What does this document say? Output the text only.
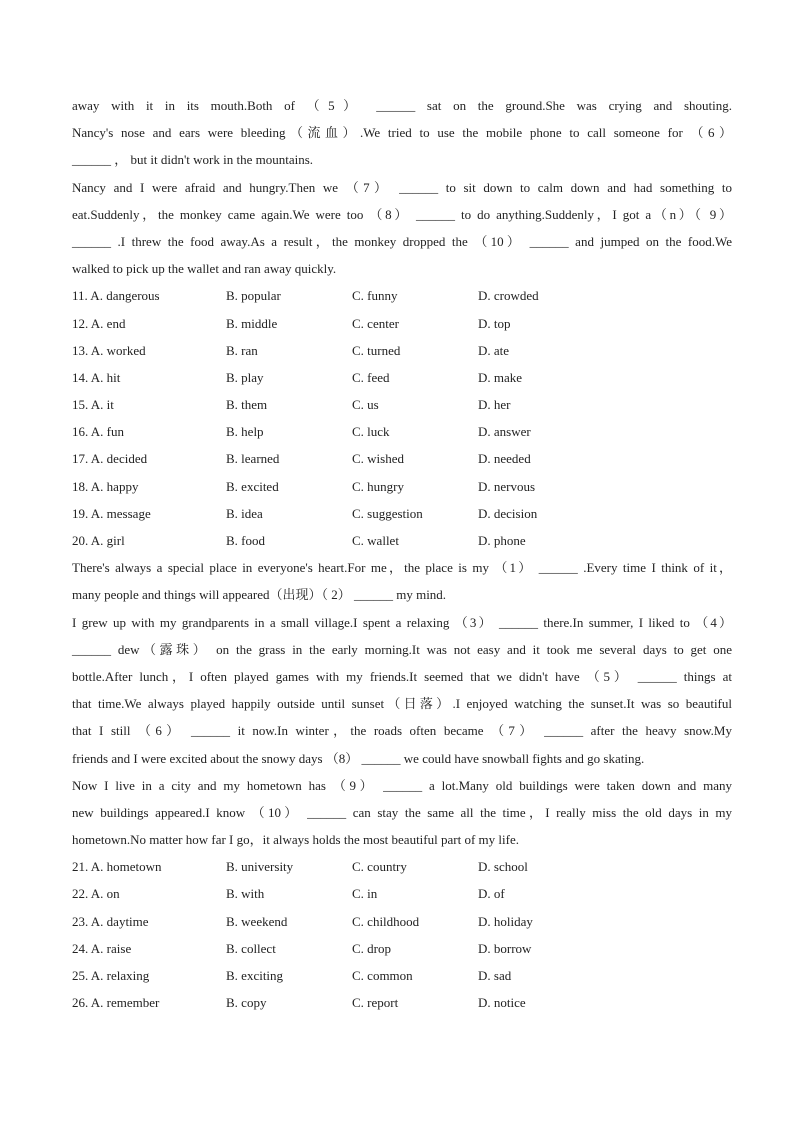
away with it in its mouth.Both of （5） ______ sat on the ground.She was crying and shouting.
Nancy's nose and ears were bleeding（流血）.We tried to use the mobile phone to call someone for （6）
______ ， but it didn't work in the mountains.
Nancy and I were afraid and hungry.Then we （7） ______ to sit down to calm down and had something to
eat.Suddenly，the monkey came again.We were too （8） ______ to do anything.Suddenly，I got a（n）（ 9）
______ .I threw the food away.As a result，the monkey dropped the （10） ______ and jumped on the food.We
walked to pick up the wallet and ran away quickly.
11. A. dangerous	B. popular	C. funny	D. crowded
12. A. end	B. middle	C. center	D. top
13. A. worked	B. ran	C. turned	D. ate
14. A. hit	B. play	C. feed	D. make
15. A. it	B. them	C. us	D. her
16. A. fun	B. help	C. luck	D. answer
17. A. decided	B. learned	C. wished	D. needed
18. A. happy	B. excited	C. hungry	D. nervous
19. A. message	B. idea	C. suggestion	D. decision
20. A. girl	B. food	C. wallet	D. phone
There's always a special place in everyone's heart.For me，the place is my （1） ______ .Every time I think of it，
many people and things will appeared（出现）（ 2） ______ my mind.
I grew up with my grandparents in a small village.I spent a relaxing （3） ______ there.In summer, I liked to （4）
______ dew（露珠） on the grass in the early morning.It was not easy and it took me several days to get one
bottle.After lunch，I often played games with my friends.It seemed that we didn't have （5） ______ things at
that time.We always played happily outside until sunset（日落）.I enjoyed watching the sunset.It was so beautiful
that I still （6） ______ it now.In winter，the roads often became （7） ______ after the heavy snow.My
friends and I were excited about the snowy days （8） ______ we could have snowball fights and go skating.
Now I live in a city and my hometown has （9） ______ a lot.Many old buildings were taken down and many
new buildings appeared.I know （10） ______ can stay the same all the time，I really miss the old days in my
hometown.No matter how far I go，it always holds the most beautiful part of my life.
21. A. hometown	B. university	C. country	D. school
22. A. on	B. with	C. in	D. of
23. A. daytime	B. weekend	C. childhood	D. holiday
24. A. raise	B. collect	C. drop	D. borrow
25. A. relaxing	B. exciting	C. common	D. sad
26. A. remember	B. copy	C. report	D. notice
